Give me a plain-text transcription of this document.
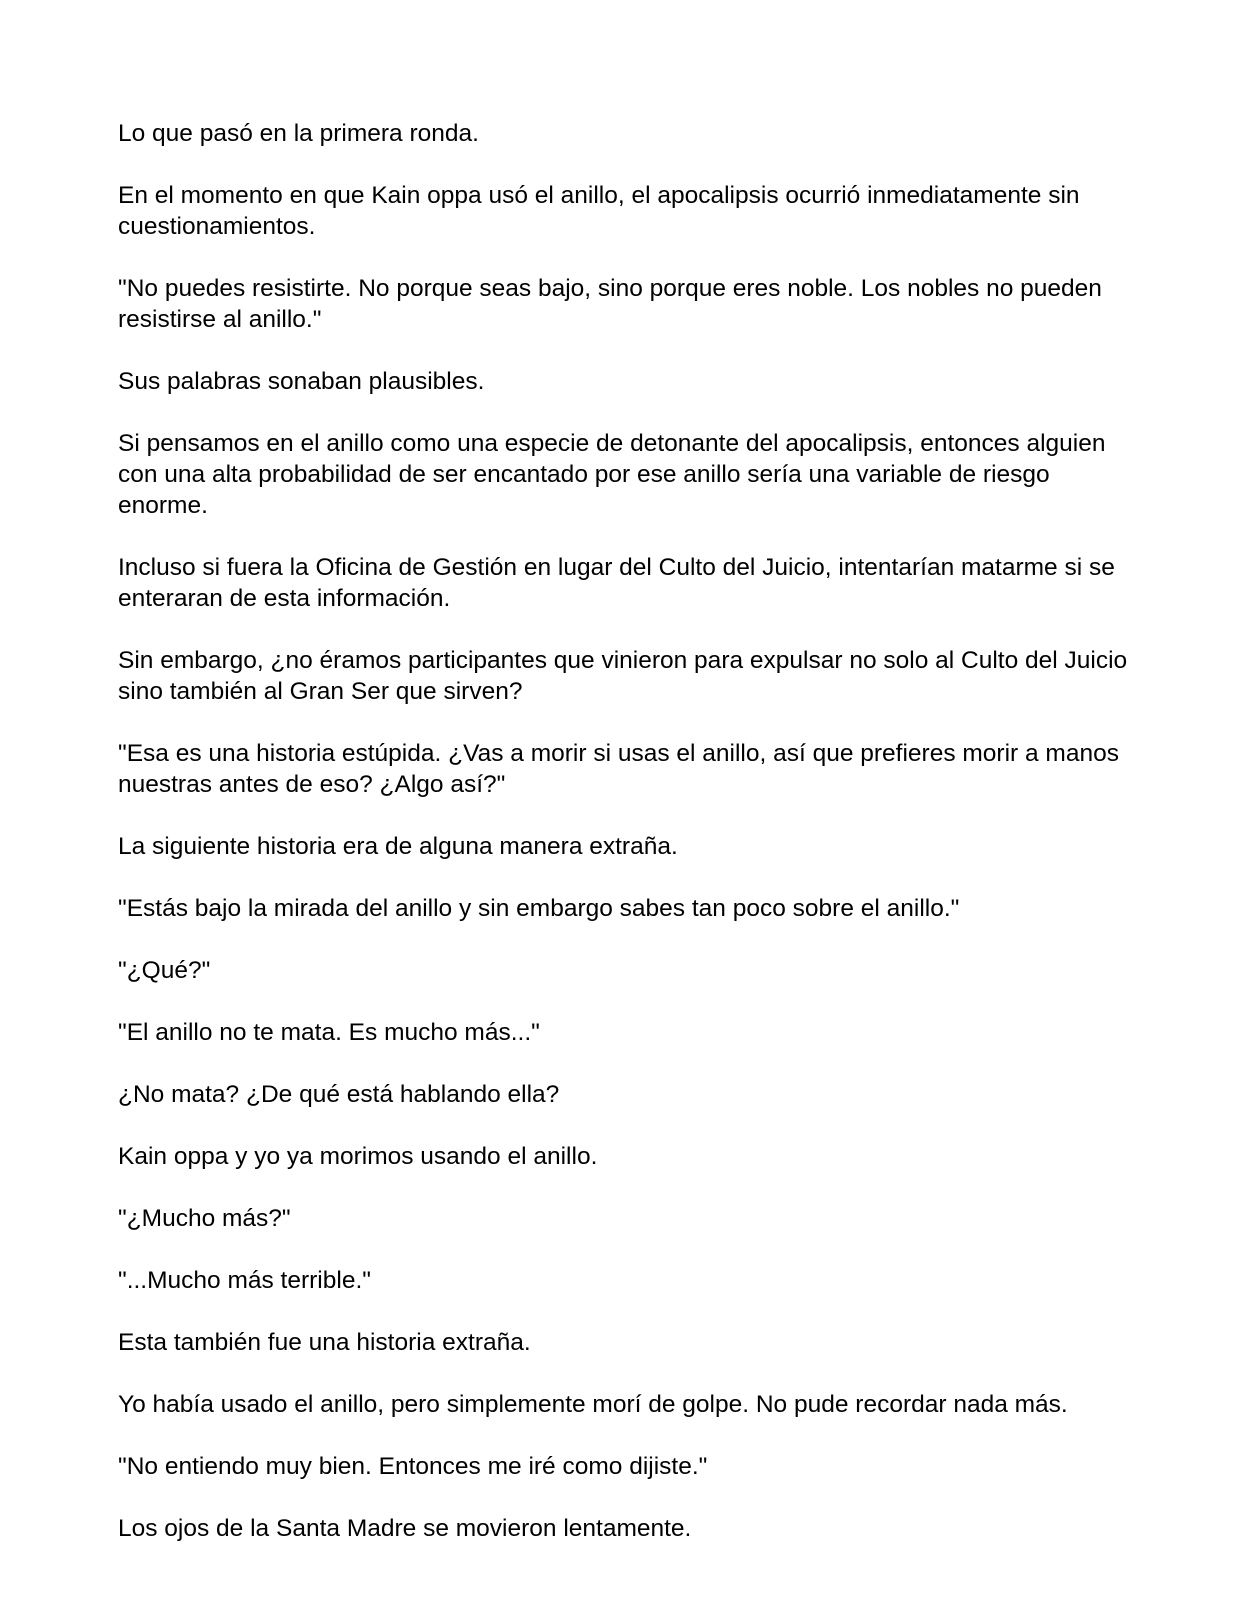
Lo que pasó en la primera ronda.

En el momento en que Kain oppa usó el anillo, el apocalipsis ocurrió inmediatamente sin cuestionamientos.

"No puedes resistirte. No porque seas bajo, sino porque eres noble. Los nobles no pueden resistirse al anillo."

Sus palabras sonaban plausibles.

Si pensamos en el anillo como una especie de detonante del apocalipsis, entonces alguien con una alta probabilidad de ser encantado por ese anillo sería una variable de riesgo enorme.

Incluso si fuera la Oficina de Gestión en lugar del Culto del Juicio, intentarían matarme si se enteraran de esta información.

Sin embargo, ¿no éramos participantes que vinieron para expulsar no solo al Culto del Juicio sino también al Gran Ser que sirven?

"Esa es una historia estúpida. ¿Vas a morir si usas el anillo, así que prefieres morir a manos nuestras antes de eso? ¿Algo así?"

La siguiente historia era de alguna manera extraña.

"Estás bajo la mirada del anillo y sin embargo sabes tan poco sobre el anillo."

"¿Qué?"

"El anillo no te mata. Es mucho más..."

¿No mata? ¿De qué está hablando ella?

Kain oppa y yo ya morimos usando el anillo.

"¿Mucho más?"

"...Mucho más terrible."

Esta también fue una historia extraña.

Yo había usado el anillo, pero simplemente morí de golpe. No pude recordar nada más.

"No entiendo muy bien. Entonces me iré como dijiste."

Los ojos de la Santa Madre se movieron lentamente.
